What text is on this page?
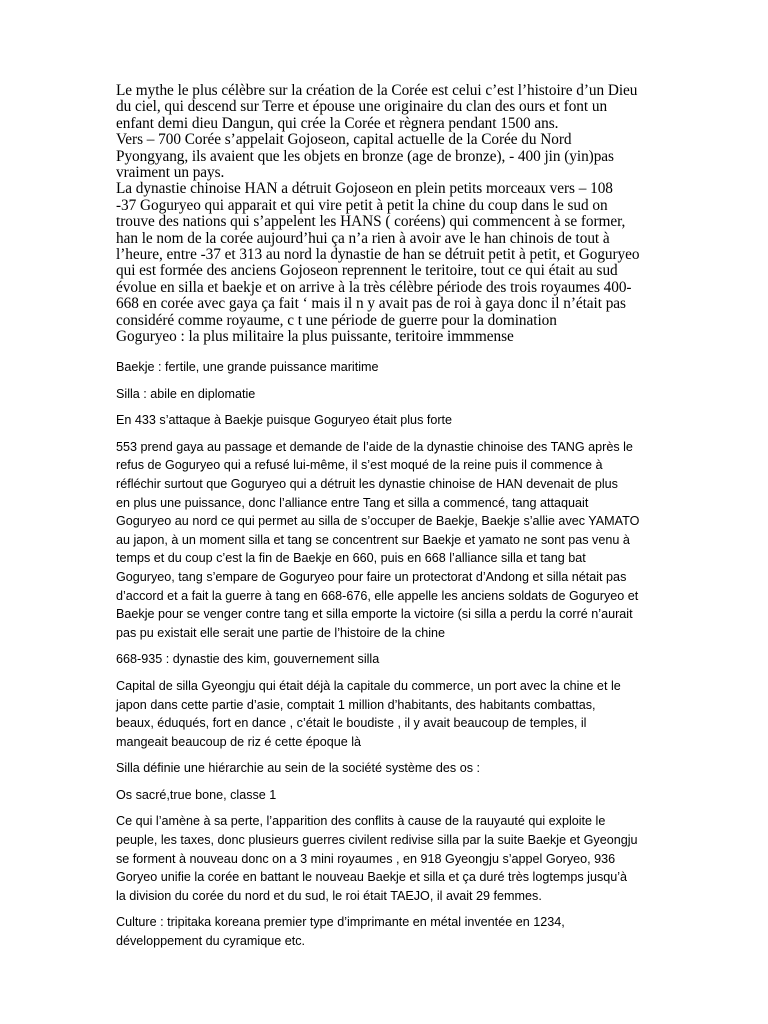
Le mythe le plus célèbre sur la création de la Corée est celui c’est l’histoire d’un Dieu
du ciel, qui descend sur Terre et épouse une originaire du clan des ours et font un
enfant demi dieu Dangun, qui crée la Corée et règnera pendant 1500 ans.
Vers – 700 Corée s’appelait Gojoseon, capital actuelle de la Corée du Nord
Pyongyang, ils avaient que les objets en bronze (age de bronze), - 400 jin (yin)pas
vraiment un pays.
La dynastie chinoise HAN a détruit Gojoseon en plein petits morceaux vers – 108
-37 Goguryeo qui apparait et qui vire petit à petit la chine du coup dans le sud on
trouve des nations qui s’appelent les HANS ( coréens) qui commencent à se former,
han le nom de la corée aujourd’hui ça n’a rien à avoir ave le han chinois de tout à
l’heure, entre -37 et 313 au nord la dynastie de han se détruit petit à petit, et Goguryeo
qui est formée des anciens Gojoseon reprennent le teritoire, tout ce qui était au sud
évolue en silla et baekje et on arrive à la très célèbre période des trois royaumes 400-
668 en corée avec gaya ça fait ‘ mais il n y avait pas de roi à gaya donc il n’était pas
considéré comme royaume, c t une période de guerre pour la domination
Goguryeo : la plus militaire la plus puissante, teritoire immmense
Baekje : fertile, une grande puissance maritime
Silla : abile en diplomatie
En 433 s’attaque à Baekje puisque Goguryeo était plus forte
553 prend gaya au passage et demande de l’aide de la dynastie chinoise des TANG après le
refus de Goguryeo qui a refusé lui-même, il s’est moqué de la reine puis il commence à
réfléchir surtout que Goguryeo qui a détruit les dynastie chinoise de HAN devenait de plus
en plus une puissance, donc l’alliance entre Tang et silla a commencé, tang attaquait
Goguryeo au nord ce qui permet au silla de s’occuper de Baekje, Baekje s’allie avec YAMATO
au japon, à un moment silla et tang se concentrent sur Baekje et yamato ne sont pas venu à
temps et du coup c’est la fin de Baekje en 660, puis en 668 l’alliance silla et tang bat
Goguryeo, tang s’empare de Goguryeo pour faire un protectorat d’Andong et silla nétait pas
d’accord et a fait la guerre à tang en 668-676, elle appelle les anciens soldats de Goguryeo et
Baekje pour se venger contre tang et silla emporte la victoire (si silla a perdu la corré n’aurait
pas pu existait elle serait une partie de l’histoire de la chine
668-935 : dynastie des kim, gouvernement silla
Capital de silla Gyeongju qui était déjà la capitale du commerce, un port avec la chine et le
japon dans cette partie d’asie, comptait 1 million d’habitants, des habitants combattas,
beaux, éduqués, fort en dance , c’était le boudiste , il y avait beaucoup de temples, il
mangeait beaucoup de riz é cette époque là
Silla définie une hiérarchie au sein de la société système des os :
Os sacré,true bone, classe 1
Ce qui l’amène à sa perte, l’apparition des conflits à cause de la rauyauté qui exploite le
peuple, les taxes, donc plusieurs guerres civilent redivise silla par la suite Baekje et Gyeongju
se forment à nouveau donc on a 3 mini royaumes , en 918 Gyeongju s’appel Goryeo, 936
Goryeo unifie la corée en battant le nouveau Baekje et silla et ça duré très logtemps jusqu’à
la division du corée du nord et du sud, le roi était TAEJO, il avait 29 femmes.
Culture : tripitaka koreana premier type d’imprimante en métal inventée en 1234,
développement du cyramique etc.
